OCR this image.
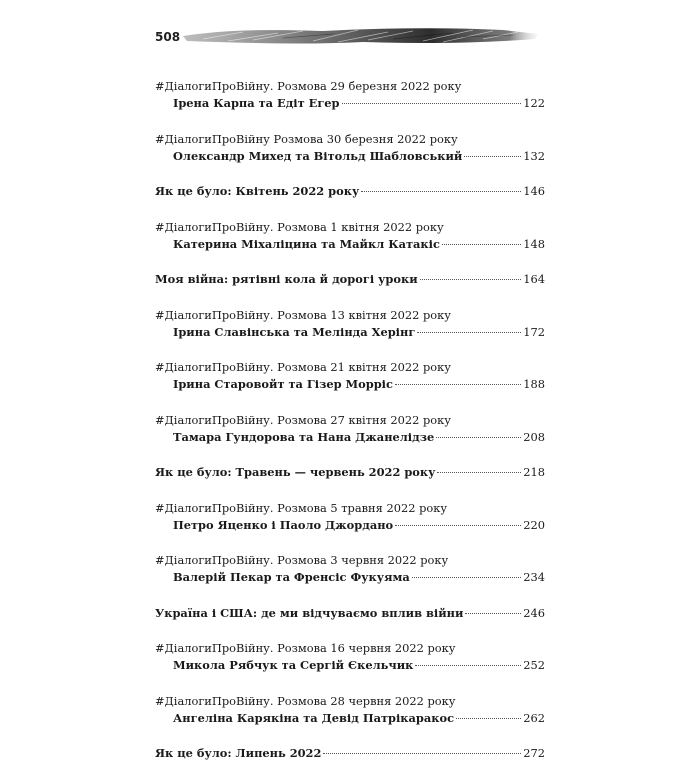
508
#ДіалогиПроВійну. Розмова 29 березня 2022 року
Ірена Карпа та Едіт Егер	122
#ДіалогиПроВійну Розмова 30 березня 2022 року
Олександр Михед та Вітольд Шабловський	132
Як це було: Квітень 2022 року	146
#ДіалогиПроВійну. Розмова 1 квітня 2022 року
Катерина Міхаліцина та Майкл Катакіс	148
Моя війна: рятівні кола й дорогі уроки	164
#ДіалогиПроВійну. Розмова 13 квітня 2022 року
Ірина Славінська та Меліндa Херінг	172
#ДіалогиПроВійну. Розмова 21 квітня 2022 року
Ірина Старовойт та Гізер Морріс	188
#ДіалогиПроВійну. Розмова 27 квітня 2022 року
Тамара Гундорова та Нана Джанелідзе	208
Як це було: Травень — червень 2022 року	218
#ДіалогиПроВійну. Розмова 5 травня 2022 року
Петро Яценко і Паоло Джордано	220
#ДіалогиПроВійну. Розмова 3 червня 2022 року
Валерій Пекар та Френсіс Фукуяма	234
Україна і США: де ми відчуваємо вплив війни	246
#ДіалогиПроВійну. Розмова 16 червня 2022 року
Микола Рябчук та Сергій Єкельчик	252
#ДіалогиПроВійну. Розмова 28 червня 2022 року
Ангеліна Карякіна та Девід Патрікаракос	262
Як це було: Липень 2022	272
